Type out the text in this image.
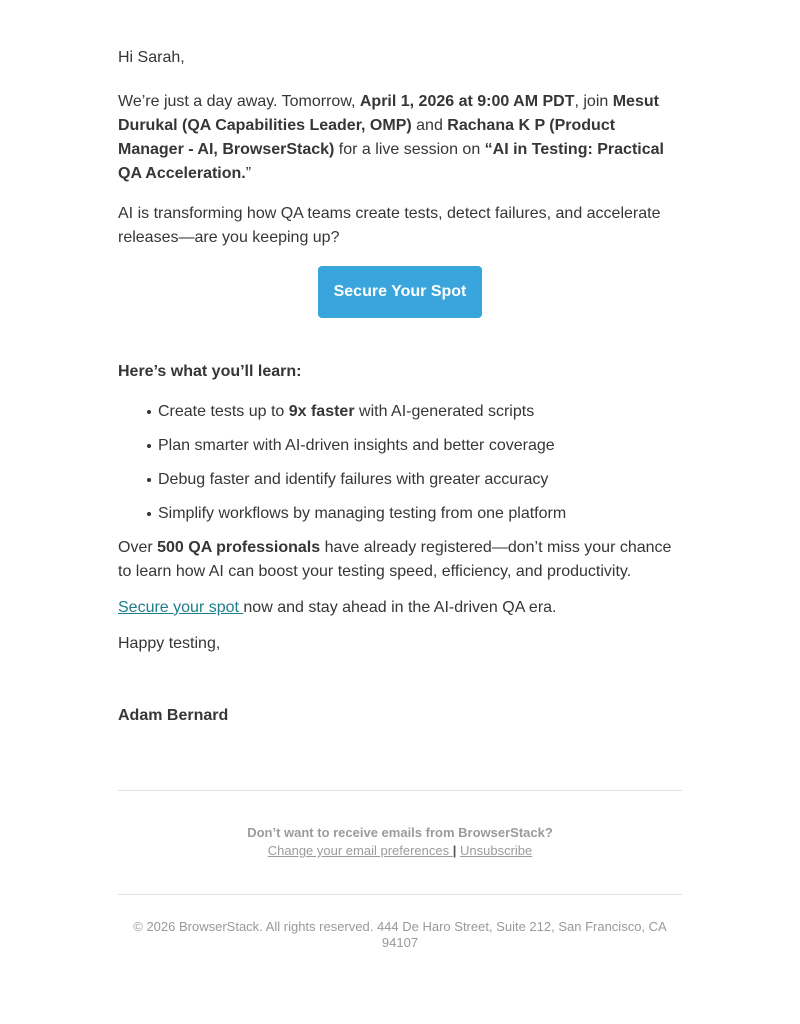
Hi Sarah,

We’re just a day away. Tomorrow, April 1, 2026 at 9:00 AM PDT, join Mesut Durukal (QA Capabilities Leader, OMP) and Rachana K P (Product Manager - AI, BrowserStack) for a live session on “AI in Testing: Practical QA Acceleration.”

AI is transforming how QA teams create tests, detect failures, and accelerate releases—are you keeping up?

Secure Your Spot

Here’s what you’ll learn:

Create tests up to 9x faster with AI-generated scripts
Plan smarter with AI-driven insights and better coverage
Debug faster and identify failures with greater accuracy
Simplify workflows by managing testing from one platform

Over 500 QA professionals have already registered—don’t miss your chance to learn how AI can boost your testing speed, efficiency, and productivity.

Secure your spot now and stay ahead in the AI-driven QA era.

Happy testing,

Adam Bernard

Don’t want to receive emails from BrowserStack?

Change your email preferences | Unsubscribe

© 2026 BrowserStack. All rights reserved. 444 De Haro Street, Suite 212, San Francisco, CA 94107
